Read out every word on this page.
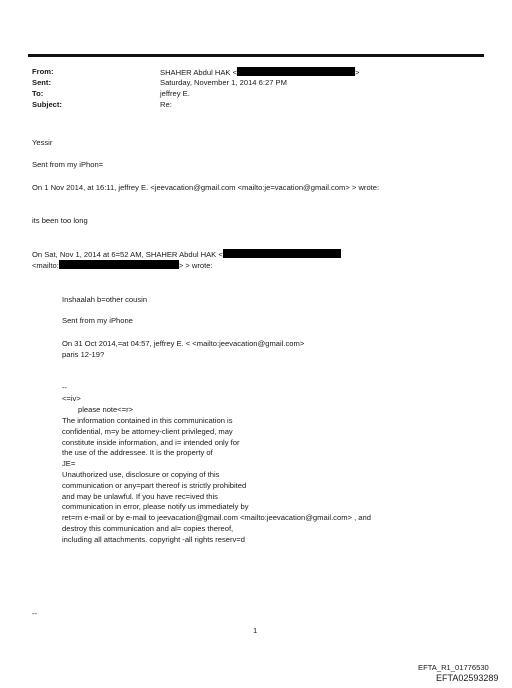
From:	SHAHER Abdul HAK <	>
Sent:	Saturday, November 1, 2014 6:27 PM
To:	jeffrey E.
Subject:	Re:
Yessir
Sent from my iPhon=
On 1 Nov 2014, at 16:11, jeffrey E. <jeevacation@gmail.com <mailto:je=vacation@gmail.com> > wrote:
its been too long
On Sat, Nov 1, 2014 at 6=52 AM, SHAHER Abdul HAK <
<mailto:	> > wrote:
Inshaalah b=other cousin
Sent from my iPhone
On 31 Oct 2014,=at 04:57, jeffrey E. < <mailto:jeevacation@gmail.com>
paris 12-19?
--
<=iv>
please note<=r>
The information contained in this communication is
confidential, m=y be attorney-client privileged, may
constitute inside information, and i= intended only for
the use of the addressee. It is the property of
JE=
Unauthorized use, disclosure or copying of this
communication or any=part thereof is strictly prohibited
and may be unlawful. If you have rec=ived this
communication in error, please notify us immediately by
ret=rn e-mail or by e-mail to jeevacation@gmail.com <mailto:jeevacation@gmail.com> , and
destroy this communication and al= copies thereof,
including all attachments. copyright -all rights reserv=d
--
1
EFTA_R1_01776530
EFTA02593289
